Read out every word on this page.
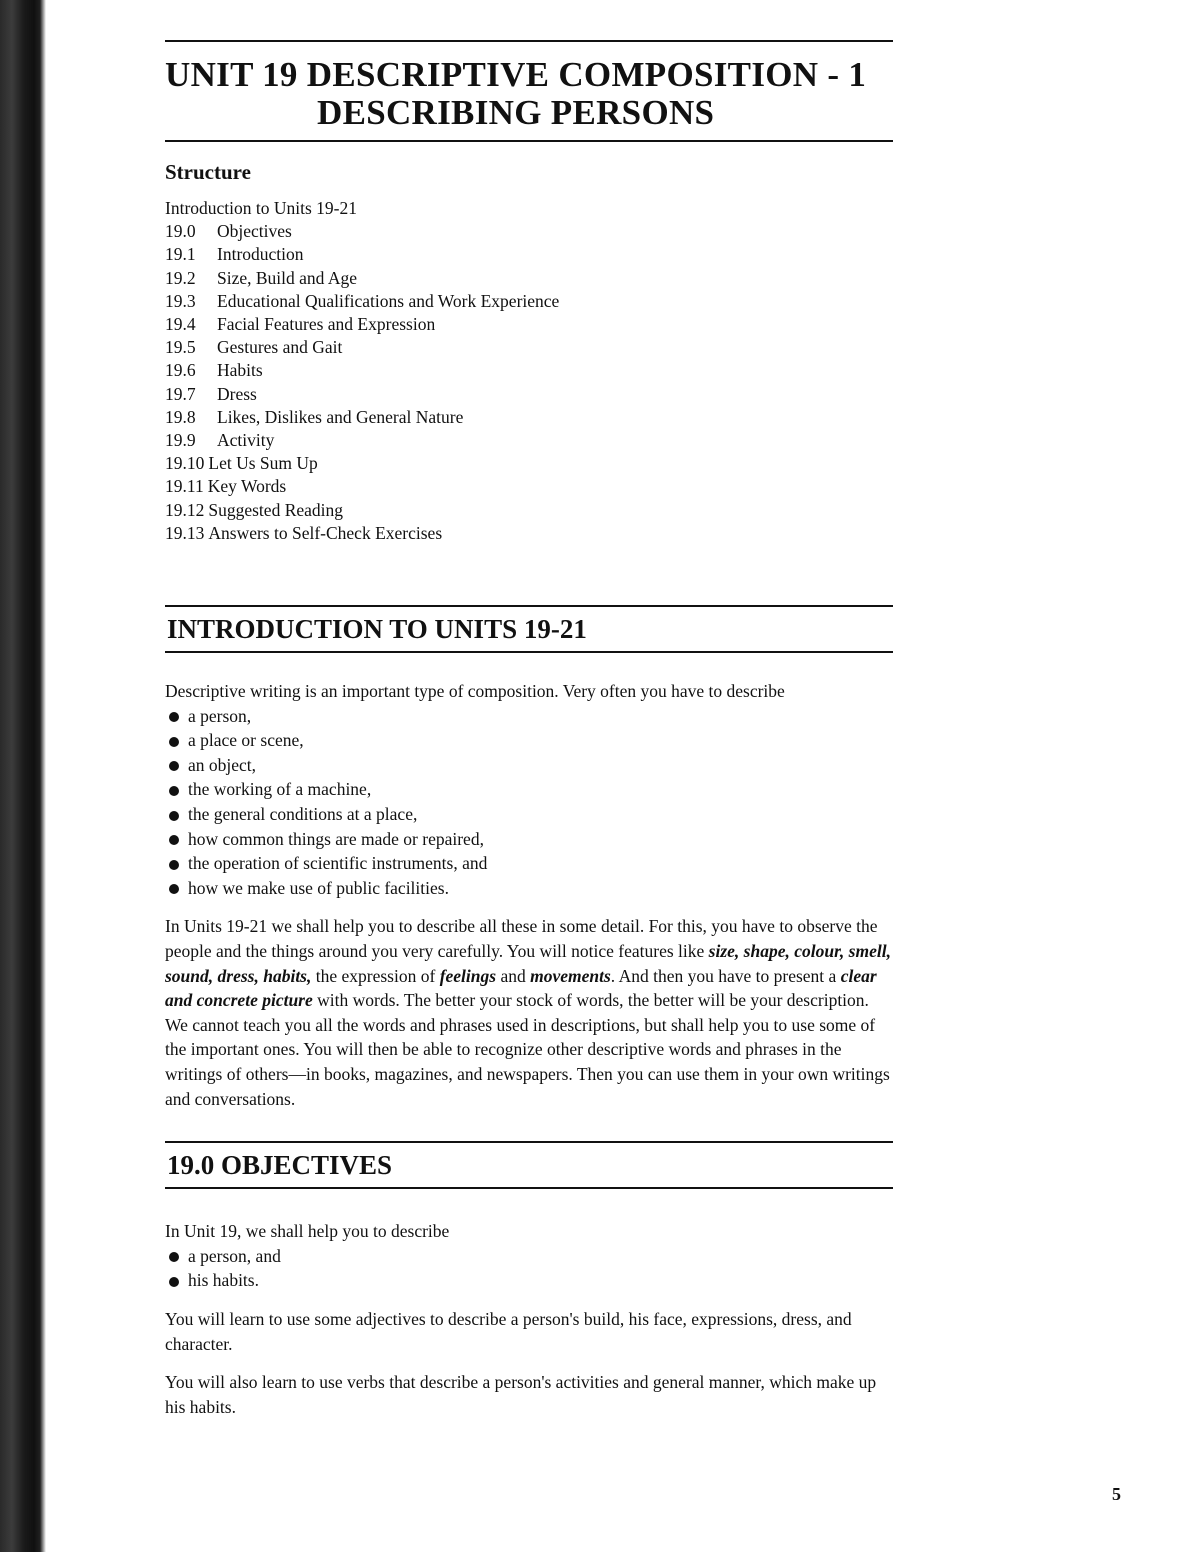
UNIT 19 DESCRIPTIVE COMPOSITION - 1
DESCRIBING PERSONS
Structure
Introduction to Units 19-21
19.0 Objectives
19.1 Introduction
19.2 Size, Build and Age
19.3 Educational Qualifications and Work Experience
19.4 Facial Features and Expression
19.5 Gestures and Gait
19.6 Habits
19.7 Dress
19.8 Likes, Dislikes and General Nature
19.9 Activity
19.10 Let Us Sum Up
19.11 Key Words
19.12 Suggested Reading
19.13 Answers to Self-Check Exercises
INTRODUCTION TO UNITS 19-21

Descriptive writing is an important type of composition. Very often you have to describe

a person,
a place or scene,
an object,
the working of a machine,
the general conditions at a place,
how common things are made or repaired,
the operation of scientific instruments, and
how we make use of public facilities.

In Units 19-21 we shall help you to describe all these in some detail. For this, you have to observe the people and the things around you very carefully. You will notice features like size, shape, colour, smell, sound, dress, habits, the expression of feelings and movements. And then you have to present a clear and concrete picture with words. The better your stock of words, the better will be your description. We cannot teach you all the words and phrases used in descriptions, but shall help you to use some of the important ones. You will then be able to recognize other descriptive words and phrases in the writings of others—in books, magazines, and newspapers. Then you can use them in your own writings and conversations.

19.0 OBJECTIVES

In Unit 19, we shall help you to describe

a person, and
his habits.

You will learn to use some adjectives to describe a person's build, his face, expressions, dress, and character.

You will also learn to use verbs that describe a person's activities and general manner, which make up his habits.

5
